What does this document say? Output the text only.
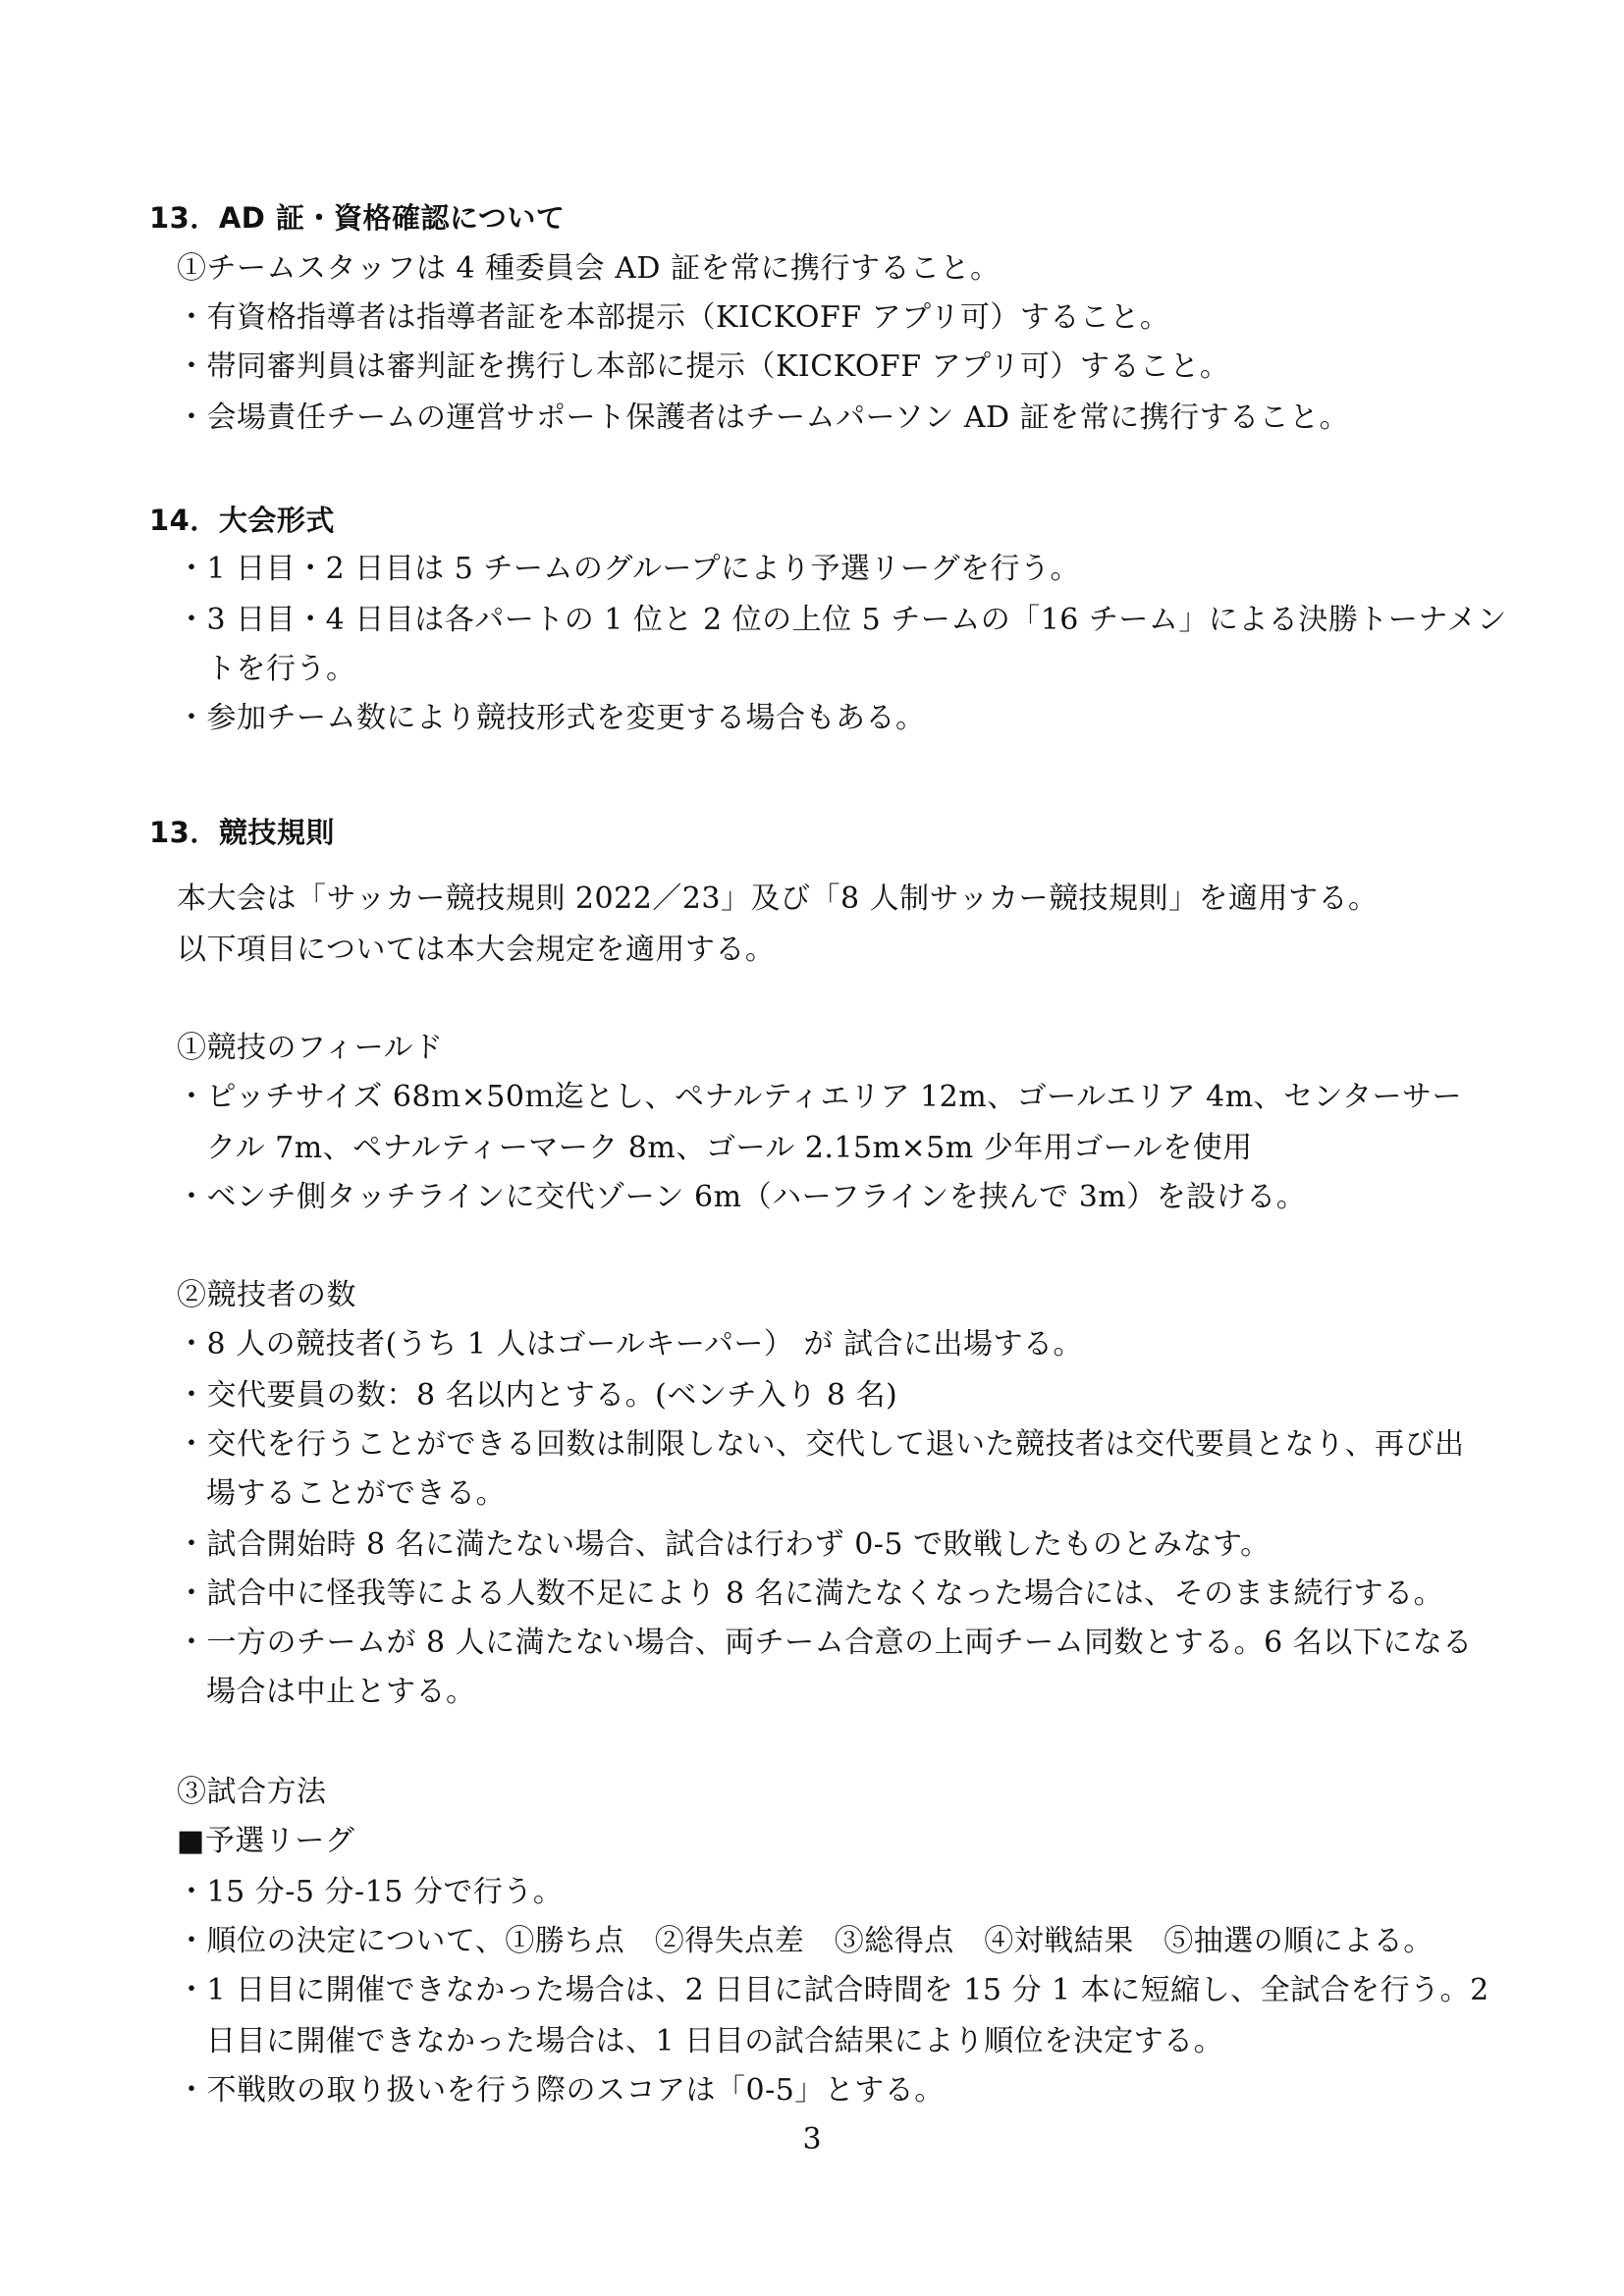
13．AD 証・資格確認について
①チームスタッフは 4 種委員会 AD 証を常に携行すること。
・有資格指導者は指導者証を本部提示（KICKOFF アプリ可）すること。
・帯同審判員は審判証を携行し本部に提示（KICKOFF アプリ可）すること。
・会場責任チームの運営サポート保護者はチームパーソン AD 証を常に携行すること。
14．大会形式
・1 日目・2 日目は 5 チームのグループにより予選リーグを行う。
・3 日目・4 日目は各パートの 1 位と 2 位の上位 5 チームの「16 チーム」による決勝トーナメン
トを行う。
・参加チーム数により競技形式を変更する場合もある。
13．競技規則
本大会は「サッカー競技規則 2022／23」及び「8 人制サッカー競技規則」を適用する。
以下項目については本大会規定を適用する。
①競技のフィールド
・ピッチサイズ 68ｍ×50ｍ迄とし、ペナルティエリア 12m、ゴールエリア 4m、センターサー
クル 7m、ペナルティーマーク 8m、ゴール 2.15m×5m 少年用ゴールを使用
・ベンチ側タッチラインに交代ゾーン 6m（ハーフラインを挟んで 3m）を設ける。
②競技者の数
・8 人の競技者(うち 1 人はゴールキーパー） が 試合に出場する。
・交代要員の数：8 名以内とする。(ベンチ入り 8 名)
・交代を行うことができる回数は制限しない、交代して退いた競技者は交代要員となり、再び出
場することができる。
・試合開始時 8 名に満たない場合、試合は行わず 0-5 で敗戦したものとみなす。
・試合中に怪我等による人数不足により 8 名に満たなくなった場合には、そのまま続行する。
・一方のチームが 8 人に満たない場合、両チーム合意の上両チーム同数とする。6 名以下になる
場合は中止とする。
③試合方法
■予選リーグ
・15 分-5 分-15 分で行う。
・順位の決定について、①勝ち点　②得失点差　③総得点　④対戦結果　⑤抽選の順による。
・1 日目に開催できなかった場合は、2 日目に試合時間を 15 分 1 本に短縮し、全試合を行う。2
日目に開催できなかった場合は、1 日目の試合結果により順位を決定する。
・不戦敗の取り扱いを行う際のスコアは「0-5」とする。
3
